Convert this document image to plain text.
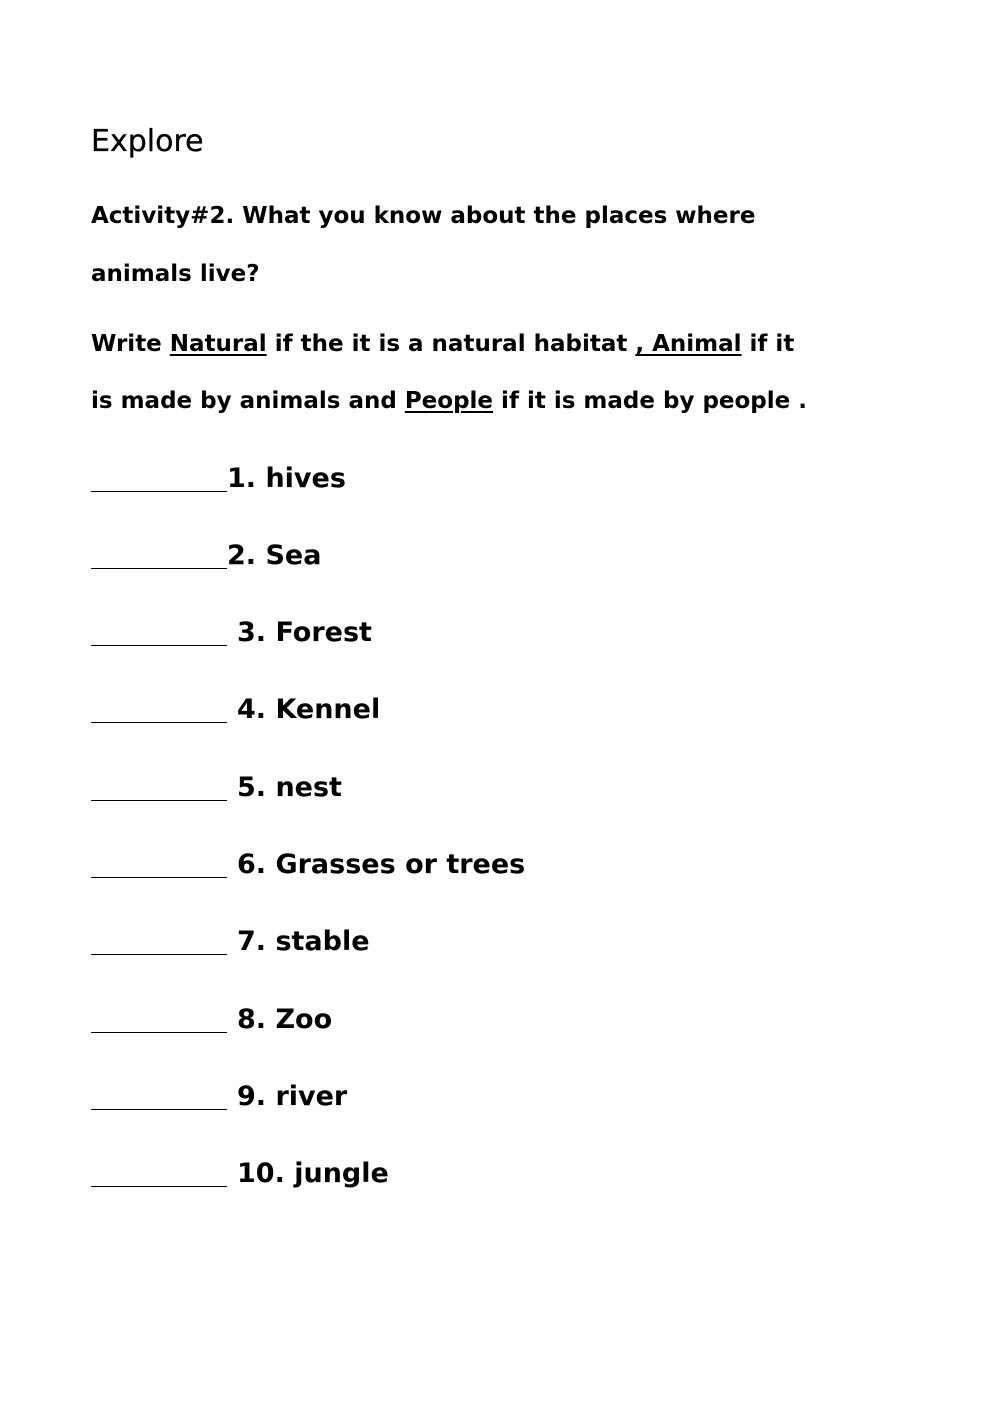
Explore

Activity#2. What you know about the places where

animals live?

Write Natural if the it is a natural habitat , Animal if it

is made by animals and People if it is made by people .

1. hives
2. Sea
3. Forest
4. Kennel
5. nest
6. Grasses or trees
7. stable
8. Zoo
9. river
10. jungle
